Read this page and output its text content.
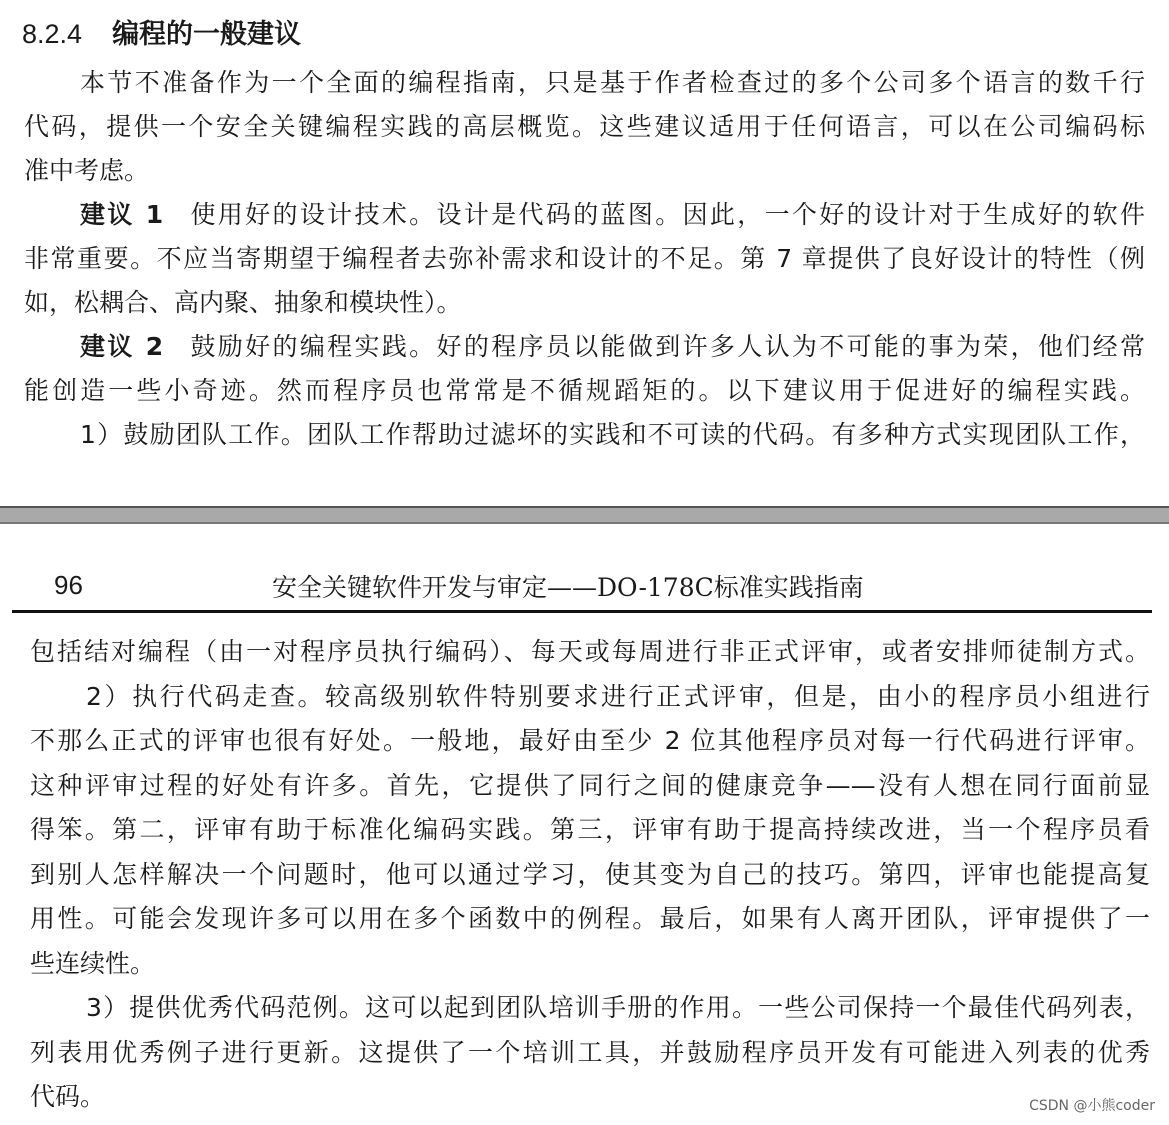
8.2.4 编程的一般建议
本节不准备作为一个全面的编程指南，只是基于作者检查过的多个公司多个语言的数千行
代码，提供一个安全关键编程实践的高层概览。这些建议适用于任何语言，可以在公司编码标
准中考虑。
建议 1  使用好的设计技术。设计是代码的蓝图。因此，一个好的设计对于生成好的软件
非常重要。不应当寄期望于编程者去弥补需求和设计的不足。第 7 章提供了良好设计的特性（例
如，松耦合、高内聚、抽象和模块性）。
建议 2  鼓励好的编程实践。好的程序员以能做到许多人认为不可能的事为荣，他们经常
能创造一些小奇迹。然而程序员也常常是不循规蹈矩的。以下建议用于促进好的编程实践。
1）鼓励团队工作。团队工作帮助过滤坏的实践和不可读的代码。有多种方式实现团队工作，
96	安全关键软件开发与审定——DO-178C标准实践指南
包括结对编程（由一对程序员执行编码）、每天或每周进行非正式评审，或者安排师徒制方式。
2）执行代码走查。较高级别软件特别要求进行正式评审，但是，由小的程序员小组进行
不那么正式的评审也很有好处。一般地，最好由至少 2 位其他程序员对每一行代码进行评审。
这种评审过程的好处有许多。首先，它提供了同行之间的健康竞争——没有人想在同行面前显
得笨。第二，评审有助于标准化编码实践。第三，评审有助于提高持续改进，当一个程序员看
到别人怎样解决一个问题时，他可以通过学习，使其变为自己的技巧。第四，评审也能提高复
用性。可能会发现许多可以用在多个函数中的例程。最后，如果有人离开团队，评审提供了一
些连续性。
3）提供优秀代码范例。这可以起到团队培训手册的作用。一些公司保持一个最佳代码列表，
列表用优秀例子进行更新。这提供了一个培训工具，并鼓励程序员开发有可能进入列表的优秀
代码。	CSDN @小熊coder
